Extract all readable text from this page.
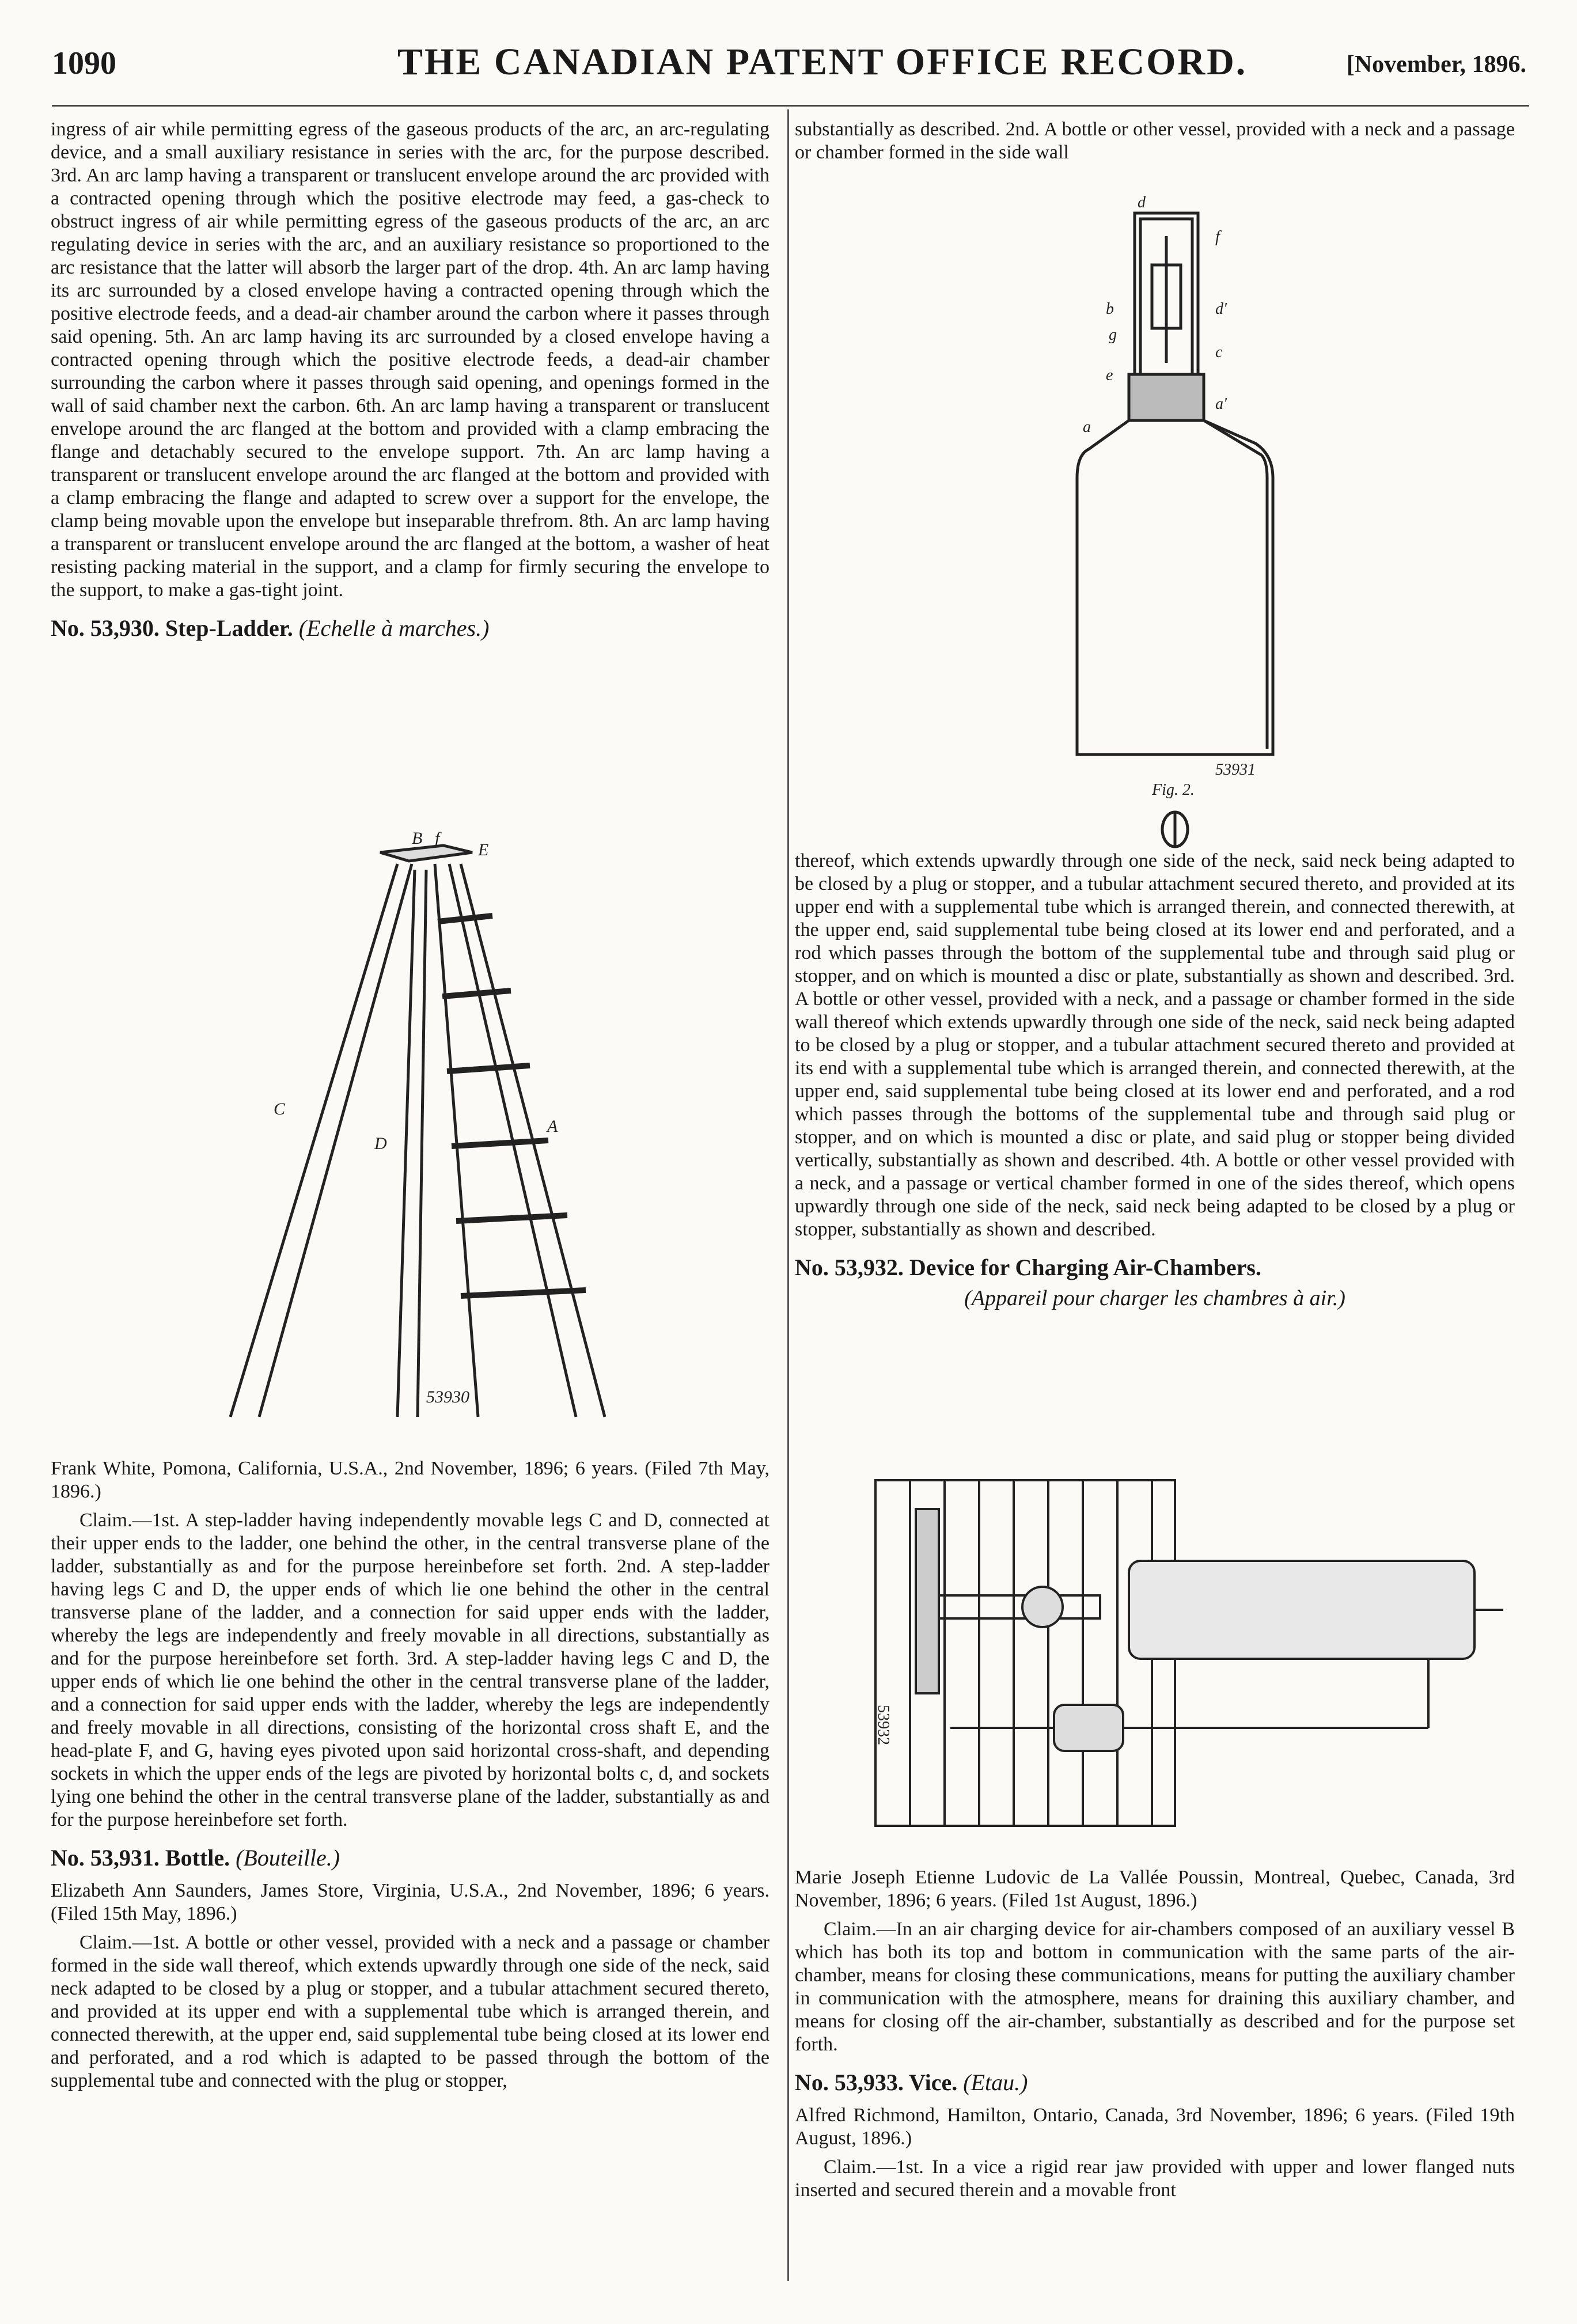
1090	THE CANADIAN PATENT OFFICE RECORD.	[November, 1896.

ingress of air while permitting egress of the gaseous products of the arc, an arc-regulating device, and a small auxiliary resistance in series with the arc, for the purpose described. 3rd. An arc lamp having a transparent or translucent envelope around the arc provided with a contracted opening through which the positive electrode may feed, a gas-check to obstruct ingress of air while permitting egress of the gaseous products of the arc, an arc regulating device in series with the arc, and an auxiliary resistance so proportioned to the arc resistance that the latter will absorb the larger part of the drop. 4th. An arc lamp having its arc surrounded by a closed envelope having a contracted opening through which the positive electrode feeds, and a dead-air chamber around the carbon where it passes through said opening. 5th. An arc lamp having its arc surrounded by a closed envelope having a contracted opening through which the positive electrode feeds, a dead-air chamber surrounding the carbon where it passes through said opening, and openings formed in the wall of said chamber next the carbon. 6th. An arc lamp having a transparent or translucent envelope around the arc flanged at the bottom and provided with a clamp embracing the flange and detachably secured to the envelope support. 7th. An arc lamp having a transparent or translucent envelope around the arc flanged at the bottom and provided with a clamp embracing the flange and adapted to screw over a support for the envelope, the clamp being movable upon the envelope but inseparable threfrom. 8th. An arc lamp having a transparent or translucent envelope around the arc flanged at the bottom, a washer of heat resisting packing material in the support, and a clamp for firmly securing the envelope to the support, to make a gas-tight joint.

No. 53,930. Step-Ladder. (Echelle à marches.)
B f
E
C
D
A
53930

Frank White, Pomona, California, U.S.A., 2nd November, 1896; 6 years. (Filed 7th May, 1896.)

Claim.—1st. A step-ladder having independently movable legs C and D, connected at their upper ends to the ladder, one behind the other, in the central transverse plane of the ladder, substantially as and for the purpose hereinbefore set forth. 2nd. A step-ladder having legs C and D, the upper ends of which lie one behind the other in the central transverse plane of the ladder, and a connection for said upper ends with the ladder, whereby the legs are independently and freely movable in all directions, substantially as and for the purpose hereinbefore set forth. 3rd. A step-ladder having legs C and D, the upper ends of which lie one behind the other in the central transverse plane of the ladder, and a connection for said upper ends with the ladder, whereby the legs are independently and freely movable in all directions, consisting of the horizontal cross shaft E, and the head-plate F, and G, having eyes pivoted upon said horizontal cross-shaft, and depending sockets in which the upper ends of the legs are pivoted by horizontal bolts c, d, and sockets lying one behind the other in the central transverse plane of the ladder, substantially as and for the purpose hereinbefore set forth.

No. 53,931. Bottle. (Bouteille.)

Elizabeth Ann Saunders, James Store, Virginia, U.S.A., 2nd November, 1896; 6 years. (Filed 15th May, 1896.)

Claim.—1st. A bottle or other vessel, provided with a neck and a passage or chamber formed in the side wall thereof, which extends upwardly through one side of the neck, said neck adapted to be closed by a plug or stopper, and a tubular attachment secured thereto, and provided at its upper end with a supplemental tube which is arranged therein, and connected therewith, at the upper end, said supplemental tube being closed at its lower end and perforated, and a rod which is adapted to be passed through the bottom of the supplemental tube and connected with the plug or stopper,

substantially as described. 2nd. A bottle or other vessel, provided with a neck and a passage or chamber formed in the side wall

d
f
b	d'
g
c
e
a
a'
53931
Fig. 2.

thereof, which extends upwardly through one side of the neck, said neck being adapted to be closed by a plug or stopper, and a tubular attachment secured thereto, and provided at its upper end with a supplemental tube which is arranged therein, and connected therewith, at the upper end, said supplemental tube being closed at its lower end and perforated, and a rod which passes through the bottom of the supplemental tube and through said plug or stopper, and on which is mounted a disc or plate, substantially as shown and described. 3rd. A bottle or other vessel, provided with a neck, and a passage or chamber formed in the side wall thereof which extends upwardly through one side of the neck, said neck being adapted to be closed by a plug or stopper, and a tubular attachment secured thereto and provided at its end with a supplemental tube which is arranged therein, and connected therewith, at the upper end, said supplemental tube being closed at its lower end and perforated, and a rod which passes through the bottoms of the supplemental tube and through said plug or stopper, and on which is mounted a disc or plate, and said plug or stopper being divided vertically, substantially as shown and described. 4th. A bottle or other vessel provided with a neck, and a passage or vertical chamber formed in one of the sides thereof, which opens upwardly through one side of the neck, said neck being adapted to be closed by a plug or stopper, substantially as shown and described.

No. 53,932. Device for Charging Air-Chambers.
(Appareil pour charger les chambres à air.)
53932

Marie Joseph Etienne Ludovic de La Vallée Poussin, Montreal, Quebec, Canada, 3rd November, 1896; 6 years. (Filed 1st August, 1896.)

Claim.—In an air charging device for air-chambers composed of an auxiliary vessel B which has both its top and bottom in communication with the same parts of the air-chamber, means for closing these communications, means for putting the auxiliary chamber in communication with the atmosphere, means for draining this auxiliary chamber, and means for closing off the air-chamber, substantially as described and for the purpose set forth.

No. 53,933. Vice. (Etau.)

Alfred Richmond, Hamilton, Ontario, Canada, 3rd November, 1896; 6 years. (Filed 19th August, 1896.)

Claim.—1st. In a vice a rigid rear jaw provided with upper and lower flanged nuts inserted and secured therein and a movable front
